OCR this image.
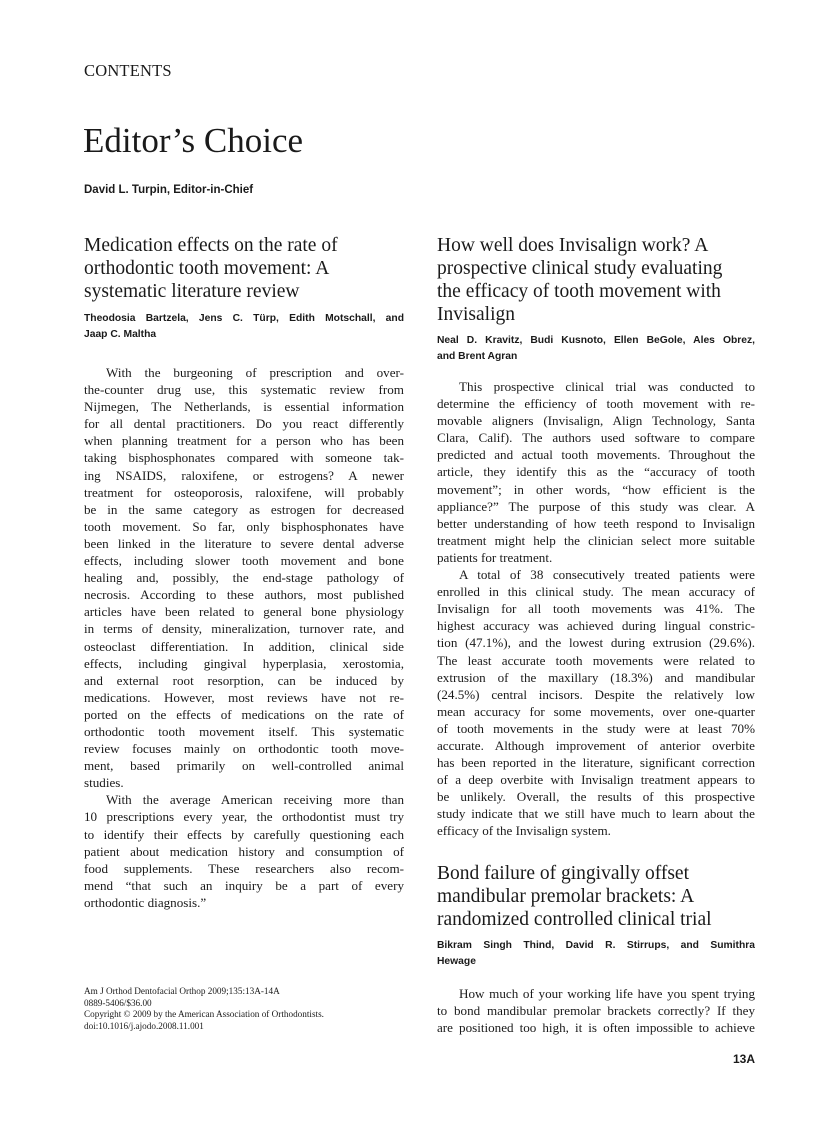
CONTENTS
Editor’s Choice
David L. Turpin, Editor-in-Chief
Medication effects on the rate of
orthodontic tooth movement: A
systematic literature review
Theodosia Bartzela, Jens C. Türp, Edith Motschall, and
Jaap C. Maltha
With the burgeoning of prescription and over-
the-counter drug use, this systematic review from
Nijmegen, The Netherlands, is essential information
for all dental practitioners. Do you react differently
when planning treatment for a person who has been
taking bisphosphonates compared with someone tak-
ing NSAIDS, raloxifene, or estrogens? A newer
treatment for osteoporosis, raloxifene, will probably
be in the same category as estrogen for decreased
tooth movement. So far, only bisphosphonates have
been linked in the literature to severe dental adverse
effects, including slower tooth movement and bone
healing and, possibly, the end-stage pathology of
necrosis. According to these authors, most published
articles have been related to general bone physiology
in terms of density, mineralization, turnover rate, and
osteoclast differentiation. In addition, clinical side
effects, including gingival hyperplasia, xerostomia,
and external root resorption, can be induced by
medications. However, most reviews have not re-
ported on the effects of medications on the rate of
orthodontic tooth movement itself. This systematic
review focuses mainly on orthodontic tooth move-
ment, based primarily on well-controlled animal
studies.
With the average American receiving more than
10 prescriptions every year, the orthodontist must try
to identify their effects by carefully questioning each
patient about medication history and consumption of
food supplements. These researchers also recom-
mend “that such an inquiry be a part of every
orthodontic diagnosis.”
How well does Invisalign work? A
prospective clinical study evaluating
the efficacy of tooth movement with
Invisalign
Neal D. Kravitz, Budi Kusnoto, Ellen BeGole, Ales Obrez,
and Brent Agran
This prospective clinical trial was conducted to
determine the efficiency of tooth movement with re-
movable aligners (Invisalign, Align Technology, Santa
Clara, Calif). The authors used software to compare
predicted and actual tooth movements. Throughout the
article, they identify this as the “accuracy of tooth
movement”; in other words, “how efficient is the
appliance?” The purpose of this study was clear. A
better understanding of how teeth respond to Invisalign
treatment might help the clinician select more suitable
patients for treatment.
A total of 38 consecutively treated patients were
enrolled in this clinical study. The mean accuracy of
Invisalign for all tooth movements was 41%. The
highest accuracy was achieved during lingual constric-
tion (47.1%), and the lowest during extrusion (29.6%).
The least accurate tooth movements were related to
extrusion of the maxillary (18.3%) and mandibular
(24.5%) central incisors. Despite the relatively low
mean accuracy for some movements, over one-quarter
of tooth movements in the study were at least 70%
accurate. Although improvement of anterior overbite
has been reported in the literature, significant correction
of a deep overbite with Invisalign treatment appears to
be unlikely. Overall, the results of this prospective
study indicate that we still have much to learn about the
efficacy of the Invisalign system.
Bond failure of gingivally offset
mandibular premolar brackets: A
randomized controlled clinical trial
Bikram Singh Thind, David R. Stirrups, and Sumithra
Hewage
How much of your working life have you spent trying
to bond mandibular premolar brackets correctly? If they
are positioned too high, it is often impossible to achieve
Am J Orthod Dentofacial Orthop 2009;135:13A-14A
0889-5406/$36.00
Copyright © 2009 by the American Association of Orthodontists.
doi:10.1016/j.ajodo.2008.11.001
13A
